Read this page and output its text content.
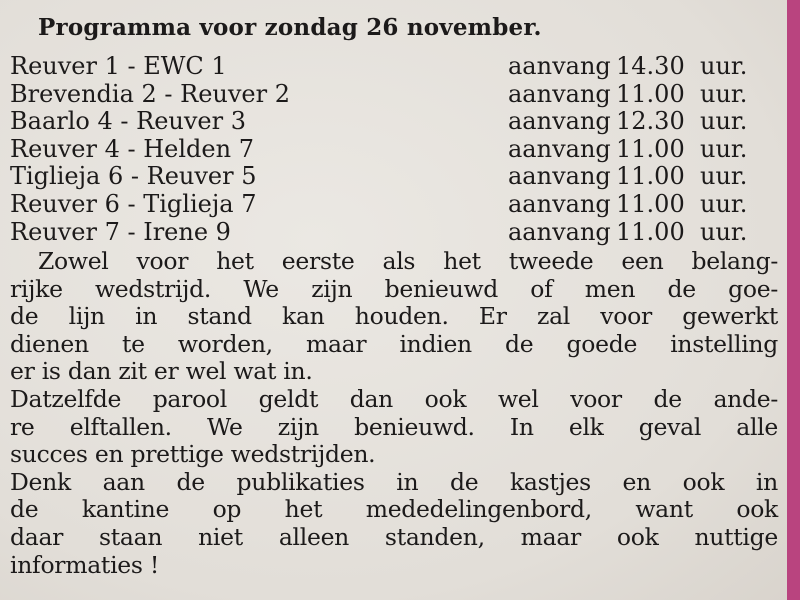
Programma voor zondag 26 november.
Reuver 1 - EWC 1	aanvang 14.30 uur.
Brevendia 2 - Reuver 2	aanvang 11.00 uur.
Baarlo 4 - Reuver 3	aanvang 12.30 uur.
Reuver 4 - Helden 7	aanvang 11.00 uur.
Tiglieja 6 - Reuver 5	aanvang 11.00 uur.
Reuver 6 - Tiglieja 7	aanvang 11.00 uur.
Reuver 7 - Irene 9	aanvang 11.00 uur.
Zowel voor het eerste als het tweede een belang-
rijke wedstrijd. We zijn benieuwd of men de goe-
de lijn in stand kan houden. Er zal voor gewerkt
dienen te worden, maar indien de goede instelling
er is dan zit er wel wat in.
Datzelfde parool geldt dan ook wel voor de ande-
re elftallen. We zijn benieuwd. In elk geval alle
succes en prettige wedstrijden.
Denk aan de publikaties in de kastjes en ook in
de kantine op het mededelingenbord, want ook
daar staan niet alleen standen, maar ook nuttige
informaties !
